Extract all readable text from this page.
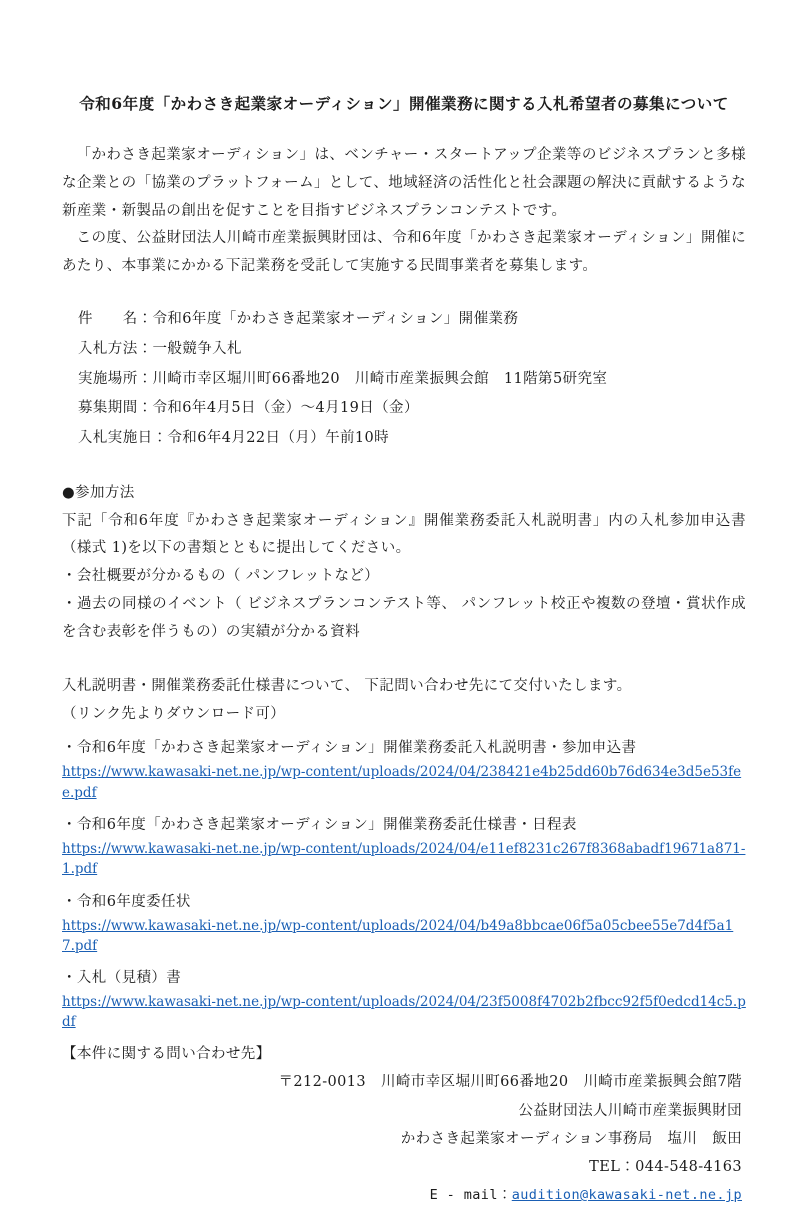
令和6年度「かわさき起業家オーディション」開催業務に関する入札希望者の募集について

「かわさき起業家オーディション」は、ベンチャー・スタートアップ企業等のビジネスプランと多様な企業との「協業のプラットフォーム」として、地域経済の活性化と社会課題の解決に貢献するような新産業・新製品の創出を促すことを目指すビジネスプランコンテストです。

この度、公益財団法人川崎市産業振興財団は、令和6年度「かわさき起業家オーディション」開催にあたり、本事業にかかる下記業務を受託して実施する民間事業者を募集します。

件　　名：令和6年度「かわさき起業家オーディション」開催業務
入札方法：一般競争入札
実施場所：川崎市幸区堀川町66番地20　川崎市産業振興会館　11階第5研究室
募集期間：令和6年4月5日（金）～4月19日（金）
入札実施日：令和6年4月22日（月）午前10時
●参加方法

下記「令和6年度『かわさき起業家オーディション』開催業務委託入札説明書」内の入札参加申込書（様式 1)を以下の書類とともに提出してください。

・会社概要が分かるもの（ パンフレットなど）

・過去の同様のイベント（ ビジネスプランコンテスト等、 パンフレット校正や複数の登壇・賞状作成を含む表彰を伴うもの）の実績が分かる資料

入札説明書・開催業務委託仕様書について、 下記問い合わせ先にて交付いたします。
（リンク先よりダウンロード可）
・令和6年度「かわさき起業家オーディション」開催業務委託入札説明書・参加申込書
https://www.kawasaki-net.ne.jp/wp-content/uploads/2024/04/238421e4b25dd60b76d634e3d5e53fee.pdf
・令和6年度「かわさき起業家オーディション」開催業務委託仕様書・日程表
https://www.kawasaki-net.ne.jp/wp-content/uploads/2024/04/e11ef8231c267f8368abadf19671a871-1.pdf
・令和6年度委任状
https://www.kawasaki-net.ne.jp/wp-content/uploads/2024/04/b49a8bbcae06f5a05cbee55e7d4f5a17.pdf
・入札（見積）書
https://www.kawasaki-net.ne.jp/wp-content/uploads/2024/04/23f5008f4702b2fbcc92f5f0edcd14c5.pdf
【本件に関する問い合わせ先】
〒212-0013　川崎市幸区堀川町66番地20　川崎市産業振興会館7階
公益財団法人川崎市産業振興財団
かわさき起業家オーディション事務局　塩川　飯田
TEL：044-548-4163
E - mail：audition@kawasaki-net.ne.jp
